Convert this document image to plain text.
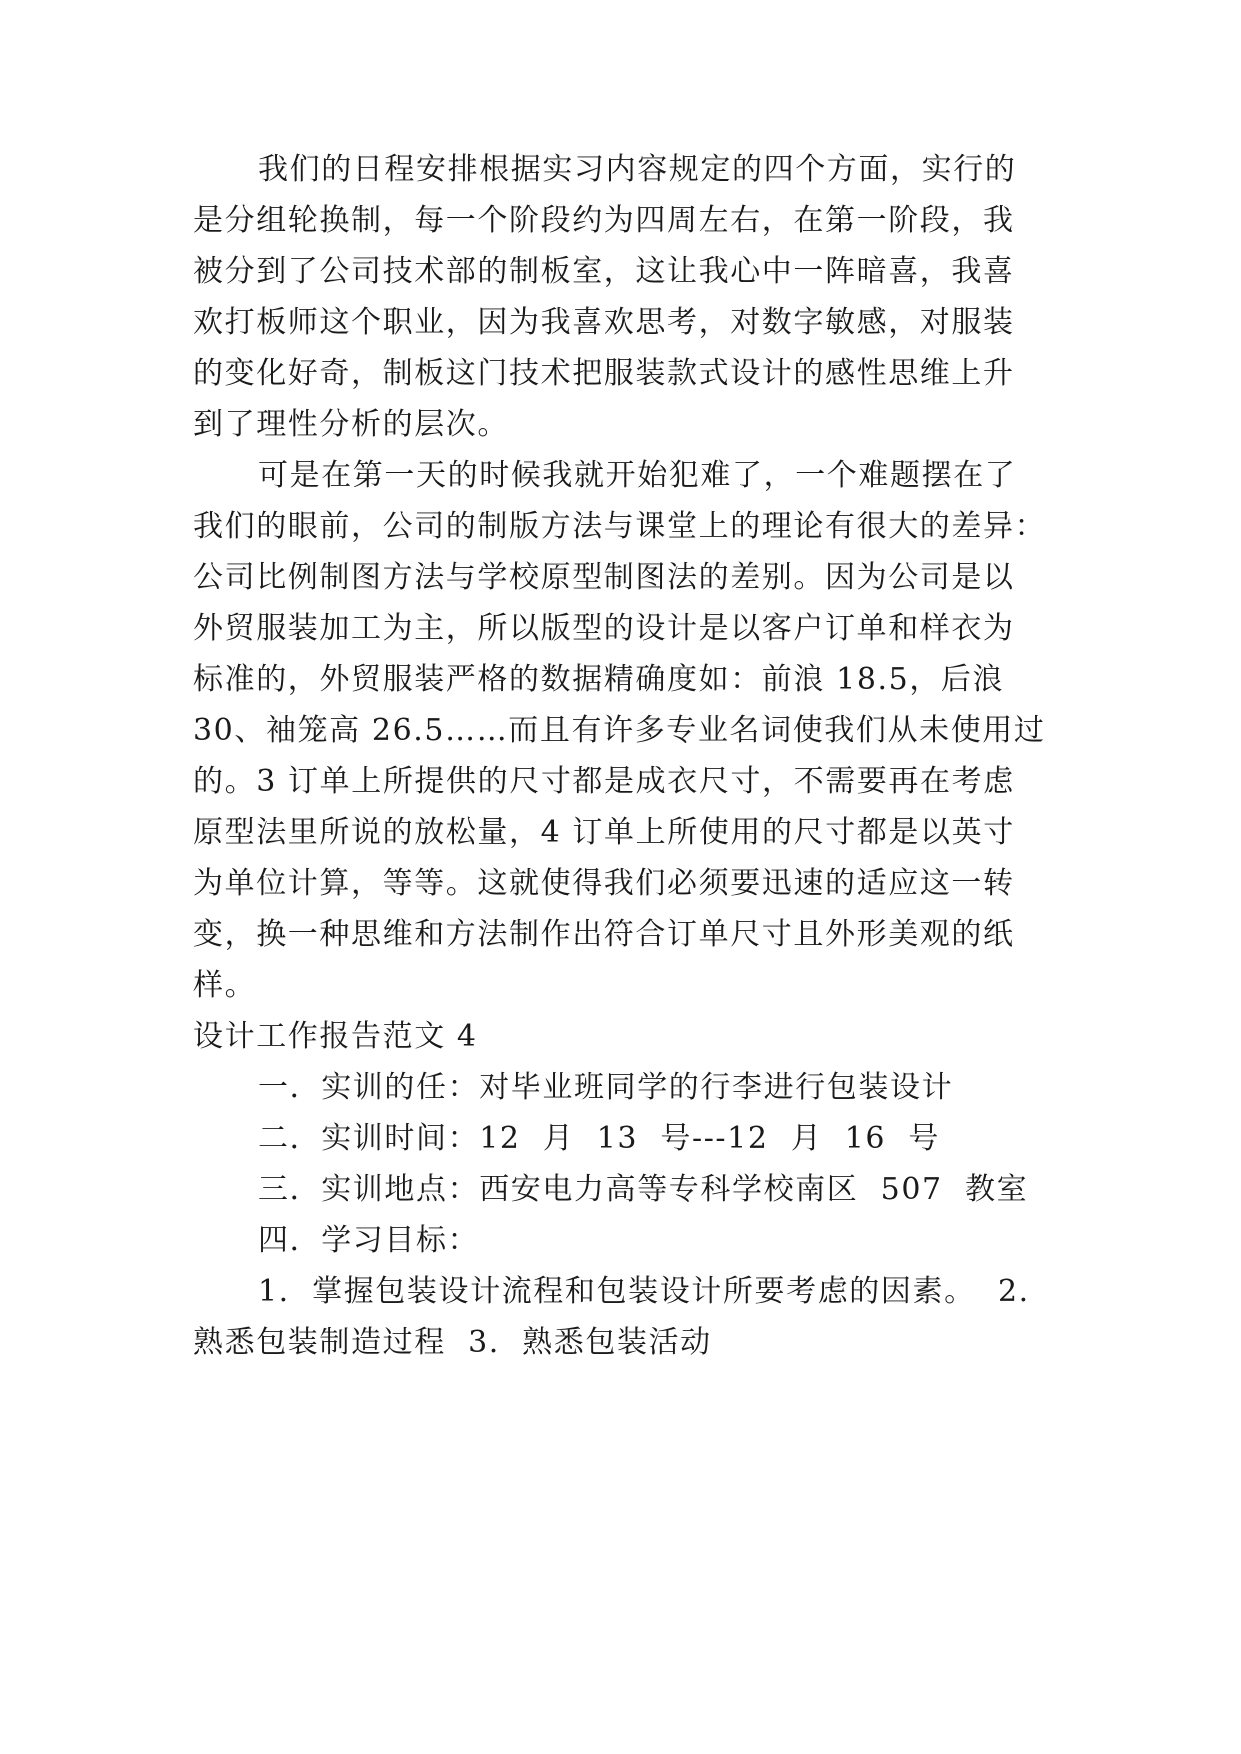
我们的日程安排根据实习内容规定的四个方面，实行的
是分组轮换制，每一个阶段约为四周左右，在第一阶段，我
被分到了公司技术部的制板室，这让我心中一阵暗喜，我喜
欢打板师这个职业，因为我喜欢思考，对数字敏感，对服装
的变化好奇，制板这门技术把服装款式设计的感性思维上升
到了理性分析的层次。
可是在第一天的时候我就开始犯难了，一个难题摆在了
我们的眼前，公司的制版方法与课堂上的理论有很大的差异：
公司比例制图方法与学校原型制图法的差别。因为公司是以
外贸服装加工为主，所以版型的设计是以客户订单和样衣为
标准的，外贸服装严格的数据精确度如：前浪 18.5，后浪
30、袖笼高 26.5……而且有许多专业名词使我们从未使用过
的。3 订单上所提供的尺寸都是成衣尺寸，不需要再在考虑
原型法里所说的放松量，4 订单上所使用的尺寸都是以英寸
为单位计算，等等。这就使得我们必须要迅速的适应这一转
变，换一种思维和方法制作出符合订单尺寸且外形美观的纸
样。
设计工作报告范文 4
一．实训的任：对毕业班同学的行李进行包装设计
二．实训时间：12  月  13  号---12  月  16  号
三．实训地点：西安电力高等专科学校南区  507  教室
四．学习目标：
1.  掌握包装设计流程和包装设计所要考虑的因素。  2.
熟悉包装制造过程  3.  熟悉包装活动
